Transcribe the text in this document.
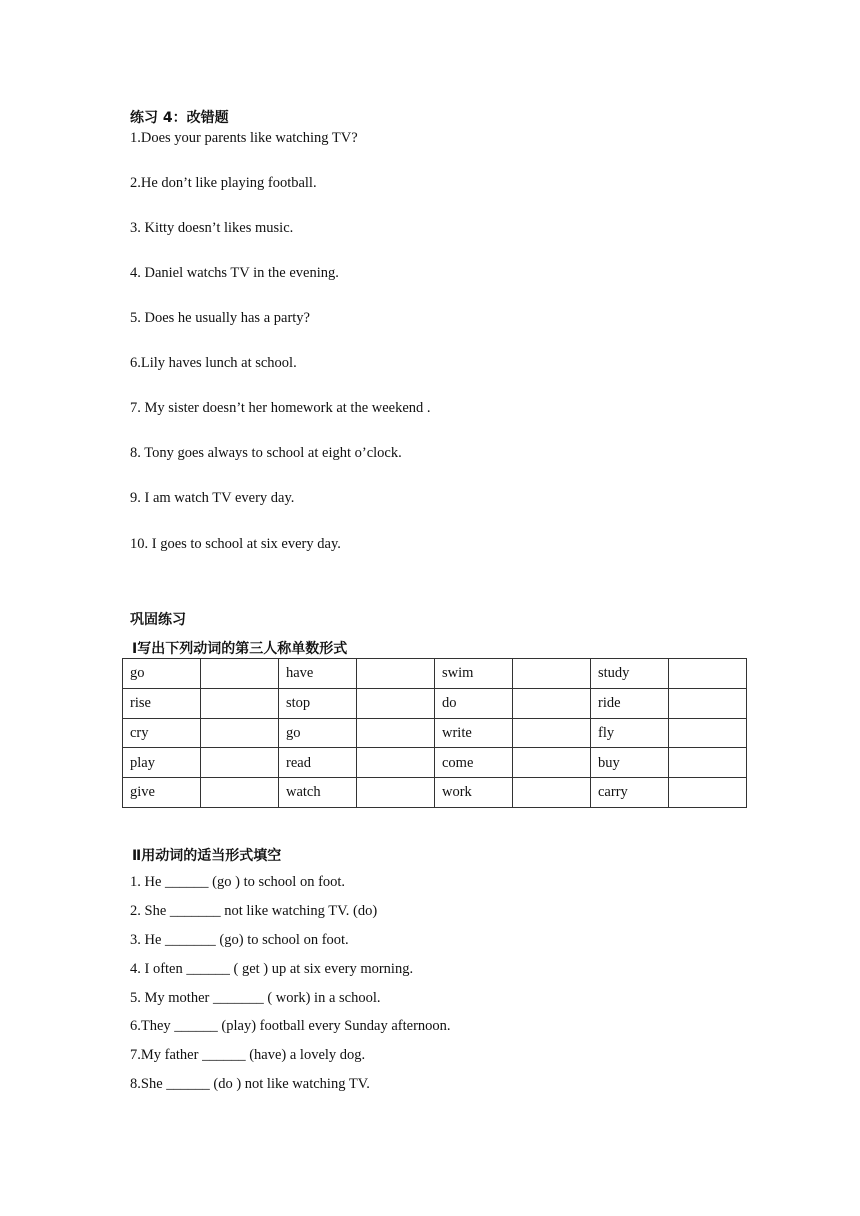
练习 4：改错题
1.Does your parents like watching TV?
2.He don’t like playing football.
3. Kitty doesn’t likes music.
4. Daniel watchs TV in the evening.
5. Does he usually has a party?
6.Lily haves lunch at school.
7. My sister doesn’t her homework at the weekend .
8. Tony goes always to school at eight o’clock.
9. I am watch TV every day.
10. I goes to school at six every day.
巩固练习
Ⅰ写出下列动词的第三人称单数形式
go		have		swim		study	
rise		stop		do		ride	
cry		go		write		fly	
play		read		come		buy	
give		watch		work		carry	
Ⅱ用动词的适当形式填空
1. He ______ (go ) to school on foot.
2. She _______ not like watching TV. (do)
3. He _______ (go) to school on foot.
4. I often ______ ( get ) up at six every morning.
5. My mother _______ ( work) in a school.
6.They ______ (play) football every Sunday afternoon.
7.My father ______ (have) a lovely dog.
8.She ______ (do ) not like watching TV.
